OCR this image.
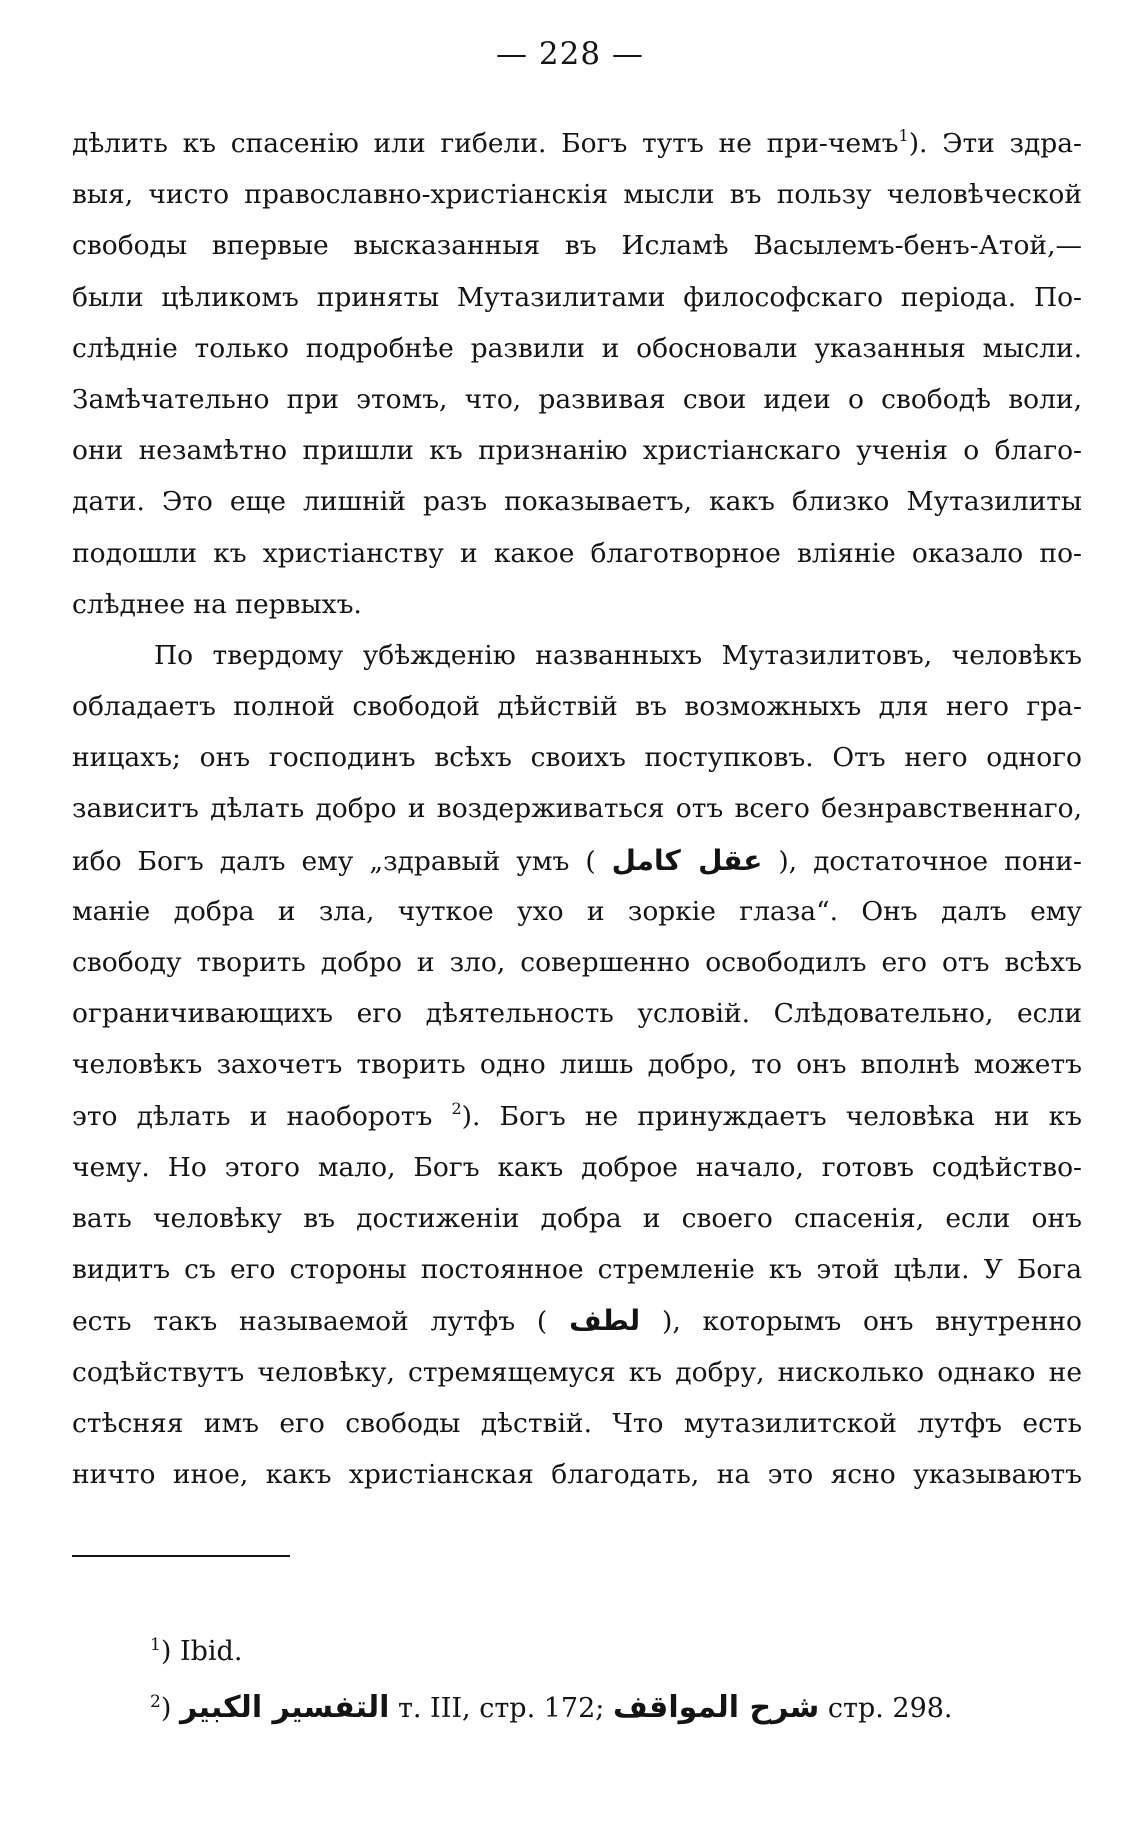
— 228 —
дѣлить къ спасенію или гибели. Богъ тутъ не при-чемъ$^1$). Эти здра-
выя, чисто православно-христіанскія мысли въ пользу человѣческой
свободы впервые высказанныя въ Исламѣ Васылемъ-бенъ-Атой,—
были цѣликомъ приняты Мутазилитами философскаго періода. По-
слѣдніе только подробнѣе развили и обосновали указанныя мысли.
Замѣчательно при этомъ, что, развивая свои идеи о свободѣ воли,
они незамѣтно пришли къ признанію христіанскаго ученія о благо-
дати. Это еще лишній разъ показываетъ, какъ близко Мутазилиты
подошли къ христіанству и какое благотворное вліяніе оказало по-
слѣднее на первыхъ.
По твердому убѣжденію названныхъ Мутазилитовъ, человѣкъ
обладаетъ полной свободой дѣйствій въ возможныхъ для него гра-
ницахъ; онъ господинъ всѣхъ своихъ поступковъ. Отъ него одного
зависитъ дѣлать добро и воздерживаться отъ всего безнравственнаго,
ибо Богъ далъ ему „здравый умъ ( عقل كامل ), достаточное пони-
маніе добра и зла, чуткое ухо и зоркіе глаза“. Онъ далъ ему
свободу творить добро и зло, совершенно освободилъ его отъ всѣхъ
ограничивающихъ его дѣятельность условій. Слѣдовательно, если
человѣкъ захочетъ творить одно лишь добро, то онъ вполнѣ можетъ
это дѣлать и наоборотъ $^2$). Богъ не принуждаетъ человѣка ни къ
чему. Но этого мало, Богъ какъ доброе начало, готовъ содѣйство-
вать человѣку въ достиженіи добра и своего спасенія, если онъ
видитъ съ его стороны постоянное стремленіе къ этой цѣли. У Бога
есть такъ называемой лутфъ ( لطف ), которымъ онъ внутренно
содѣйствутъ человѣку, стремящемуся къ добру, нисколько однако не
стѣсняя имъ его свободы дѣствій. Что мутазилитской лутфъ есть
ничто иное, какъ христіанская благодать, на это ясно указываютъ
$^1$) Ibid.
$^2$) التفسير الكبير т. III, стр. 172; شرح المواقف стр. 298.
